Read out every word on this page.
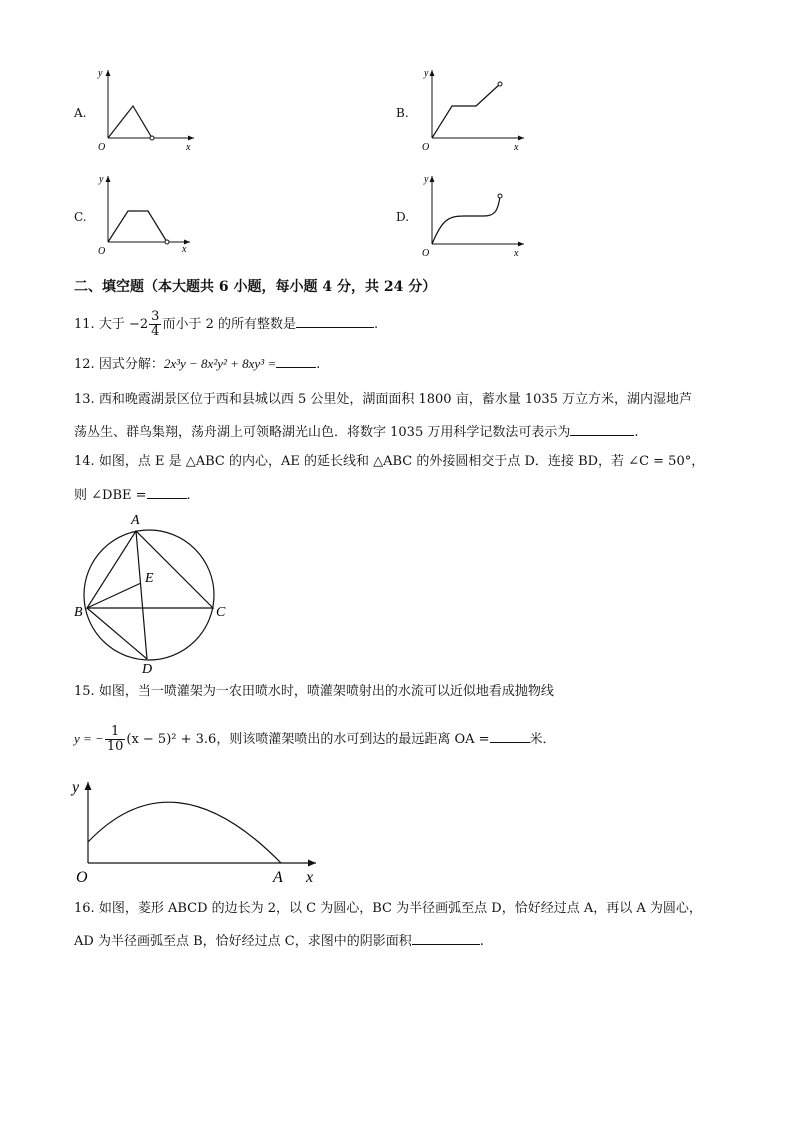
A.
y
x
O
B.
y
x
O
C.
y
x
O
D.
y
x
O
二、填空题（本大题共 6 小题，每小题 4 分，共 24 分）
11. 大于 $-2 \frac{3}{4}$ 而小于 2 的所有整数是	.
12. 因式分解：2x³y − 8x²y² + 8xy³ =	.
13. 西和晚霞湖景区位于西和县城以西 5 公里处，湖面面积 1800 亩，蓄水量 1035 万立方米，湖内湿地芦
荡丛生、群鸟集翔，荡舟湖上可领略湖光山色．将数字 1035 万用科学记数法可表示为	.
14. 如图，点 E 是 △ABC 的内心，AE 的延长线和 △ABC 的外接圆相交于点 D．连接 BD，若 ∠C = 50°，
则 ∠DBE =	.
A
B	C
D
E
15. 如图，当一喷灌架为一农田喷水时，喷灌架喷射出的水流可以近似地看成抛物线
y = − $\frac{1}{10} (x - 5)^2 + 3.6$，则该喷灌架喷出的水可到达的最远距离 OA =	米．
y
O	A x
16. 如图，菱形 ABCD 的边长为 2，以 C 为圆心，BC 为半径画弧至点 D，恰好经过点 A，再以 A 为圆心，
AD 为半径画弧至点 B，恰好经过点 C，求图中的阴影面积	.
